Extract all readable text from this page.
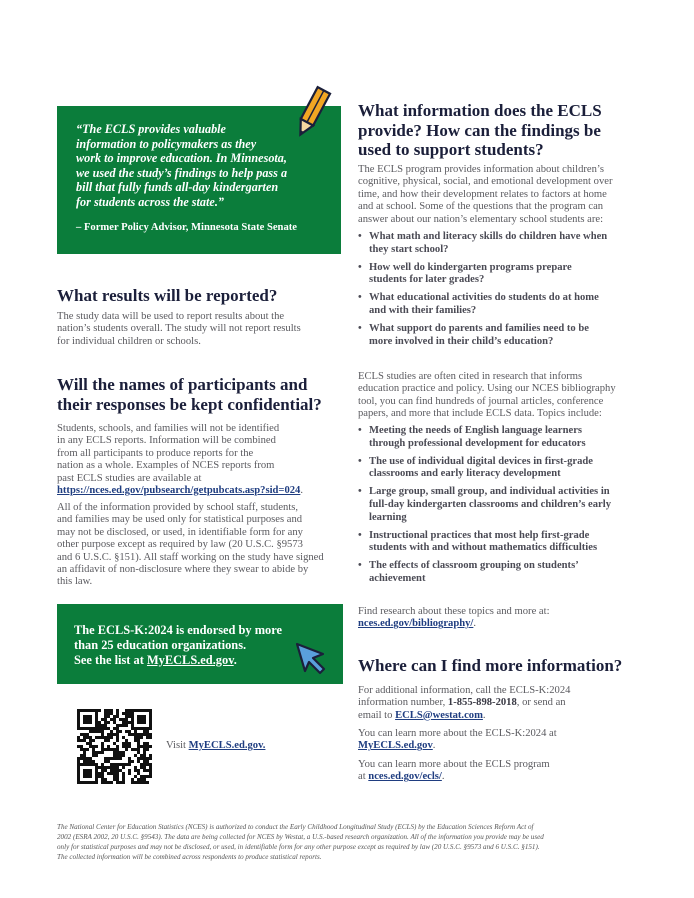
“The ECLS provides valuable
information to policymakers as they
work to improve education. In Minnesota,
we used the study’s findings to help pass a
bill that fully funds all-day kindergarten
for students across the state.”
– Former Policy Advisor, Minnesota State Senate
What results will be reported?
The study data will be used to report results about the
nation’s students overall. The study will not report results
for individual children or schools.
Will the names of participants and
their responses be kept confidential?
Students, schools, and families will not be identified
in any ECLS reports. Information will be combined
from all participants to produce reports for the
nation as a whole. Examples of NCES reports from
past ECLS studies are available at
https://nces.ed.gov/pubsearch/getpubcats.asp?sid=024.
All of the information provided by school staff, students,
and families may be used only for statistical purposes and
may not be disclosed, or used, in identifiable form for any
other purpose except as required by law (20 U.S.C. §9573
and 6 U.S.C. §151). All staff working on the study have signed
an affidavit of non-disclosure where they swear to abide by
this law.
The ECLS-K:2024 is endorsed by more
than 25 education organizations.
See the list at MyECLS.ed.gov.
Visit MyECLS.ed.gov.
What information does the ECLS
provide? How can the findings be
used to support students?
The ECLS program provides information about children’s
cognitive, physical, social, and emotional development over
time, and how their development relates to factors at home
and at school. Some of the questions that the program can
answer about our nation’s elementary school students are:
• What math and literacy skills do children have when
they start school?
• How well do kindergarten programs prepare
students for later grades?
• What educational activities do students do at home
and with their families?
• What support do parents and families need to be
more involved in their child’s education?
ECLS studies are often cited in research that informs
education practice and policy. Using our NCES bibliography
tool, you can find hundreds of journal articles, conference
papers, and more that include ECLS data. Topics include:
• Meeting the needs of English language learners
through professional development for educators
• The use of individual digital devices in first-grade
classrooms and early literacy development
• Large group, small group, and individual activities in
full-day kindergarten classrooms and children’s early
learning
• Instructional practices that most help first-grade
students with and without mathematics difficulties
• The effects of classroom grouping on students’
achievement
Find research about these topics and more at:
nces.ed.gov/bibliography/.
Where can I find more information?
For additional information, call the ECLS-K:2024
information number, 1-855-898-2018, or send an
email to ECLS@westat.com.
You can learn more about the ECLS-K:2024 at
MyECLS.ed.gov.
You can learn more about the ECLS program
at nces.ed.gov/ecls/.
The National Center for Education Statistics (NCES) is authorized to conduct the Early Childhood Longitudinal Study (ECLS) by the Education Sciences Reform Act of
2002 (ESRA 2002, 20 U.S.C. §9543). The data are being collected for NCES by Westat, a U.S.-based research organization. All of the information you provide may be used
only for statistical purposes and may not be disclosed, or used, in identifiable form for any other purpose except as required by law (20 U.S.C. §9573 and 6 U.S.C. §151).
The collected information will be combined across respondents to produce statistical reports.
